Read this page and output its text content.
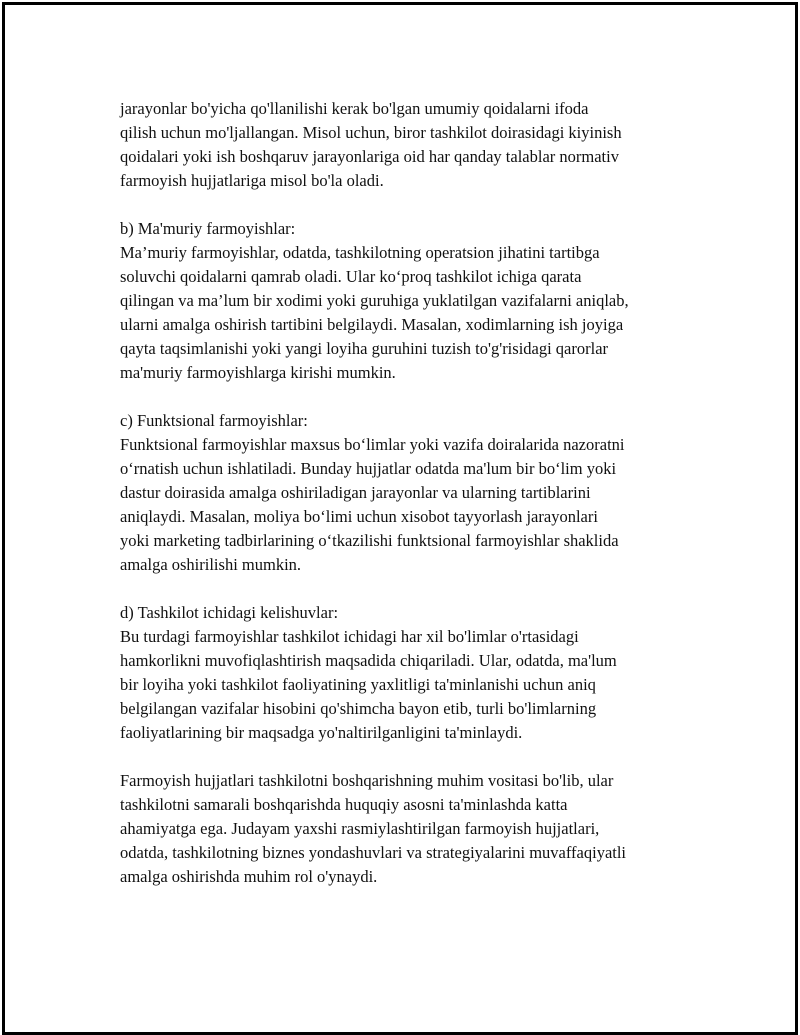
jarayonlar bo'yicha qo'llanilishi kerak bo'lgan umumiy qoidalarni ifoda
qilish uchun mo'ljallangan. Misol uchun, biror tashkilot doirasidagi kiyinish
qoidalari yoki ish boshqaruv jarayonlariga oid har qanday talablar normativ
farmoyish hujjatlariga misol bo'la oladi.

b) Ma'muriy farmoyishlar:
Ma’muriy farmoyishlar, odatda, tashkilotning operatsion jihatini tartibga
soluvchi qoidalarni qamrab oladi. Ular ko‘proq tashkilot ichiga qarata
qilingan va ma’lum bir xodimi yoki guruhiga yuklatilgan vazifalarni aniqlab,
ularni amalga oshirish tartibini belgilaydi. Masalan, xodimlarning ish joyiga
qayta taqsimlanishi yoki yangi loyiha guruhini tuzish to'g'risidagi qarorlar
ma'muriy farmoyishlarga kirishi mumkin.

c) Funktsional farmoyishlar:
Funktsional farmoyishlar maxsus bo‘limlar yoki vazifa doiralarida nazoratni
o‘rnatish uchun ishlatiladi. Bunday hujjatlar odatda ma'lum bir bo‘lim yoki
dastur doirasida amalga oshiriladigan jarayonlar va ularning tartiblarini
aniqlaydi. Masalan, moliya bo‘limi uchun xisobot tayyorlash jarayonlari
yoki marketing tadbirlarining o‘tkazilishi funktsional farmoyishlar shaklida
amalga oshirilishi mumkin.

d) Tashkilot ichidagi kelishuvlar:
Bu turdagi farmoyishlar tashkilot ichidagi har xil bo'limlar o'rtasidagi
hamkorlikni muvofiqlashtirish maqsadida chiqariladi. Ular, odatda, ma'lum
bir loyiha yoki tashkilot faoliyatining yaxlitligi ta'minlanishi uchun aniq
belgilangan vazifalar hisobini qo'shimcha bayon etib, turli bo'limlarning
faoliyatlarining bir maqsadga yo'naltirilganligini ta'minlaydi.

Farmoyish hujjatlari tashkilotni boshqarishning muhim vositasi bo'lib, ular
tashkilotni samarali boshqarishda huquqiy asosni ta'minlashda katta
ahamiyatga ega. Judayam yaxshi rasmiylashtirilgan farmoyish hujjatlari,
odatda, tashkilotning biznes yondashuvlari va strategiyalarini muvaffaqiyatli
amalga oshirishda muhim rol o'ynaydi.
